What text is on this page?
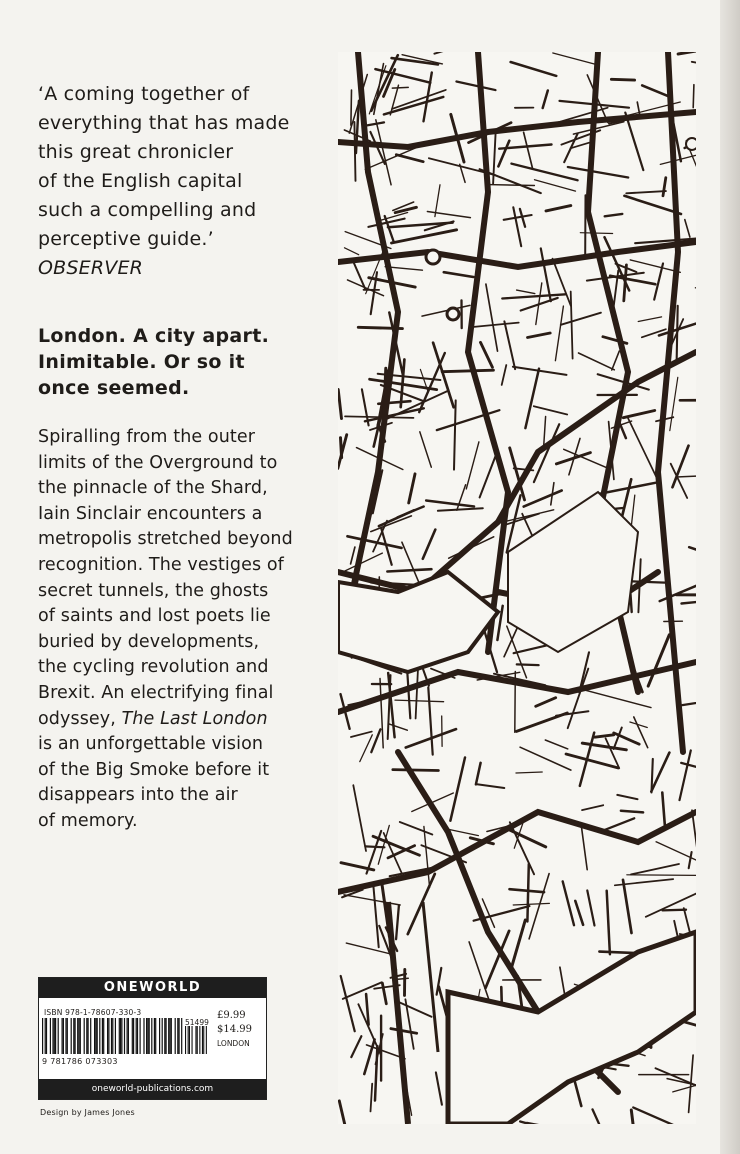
‘A coming together of

everything that has made

this great chronicler

of the English capital

such a compelling and

perceptive guide.’

OBSERVER

London. A city apart.

Inimitable. Or so it

once seemed.

Spiralling from the outer

limits of the Overground to

the pinnacle of the Shard,

Iain Sinclair encounters a

metropolis stretched beyond

recognition. The vestiges of

secret tunnels, the ghosts

of saints and lost poets lie

buried by developments,

the cycling revolution and

Brexit. An electrifying final

odyssey, The Last London

is an unforgettable vision

of the Big Smoke before it

disappears into the air

of memory.

ONEWORLD
ISBN 978-1-78607-330-3
9 781786 073303
51499
£9.99
$14.99
LONDON
oneworld-publications.com
Design by James Jones
